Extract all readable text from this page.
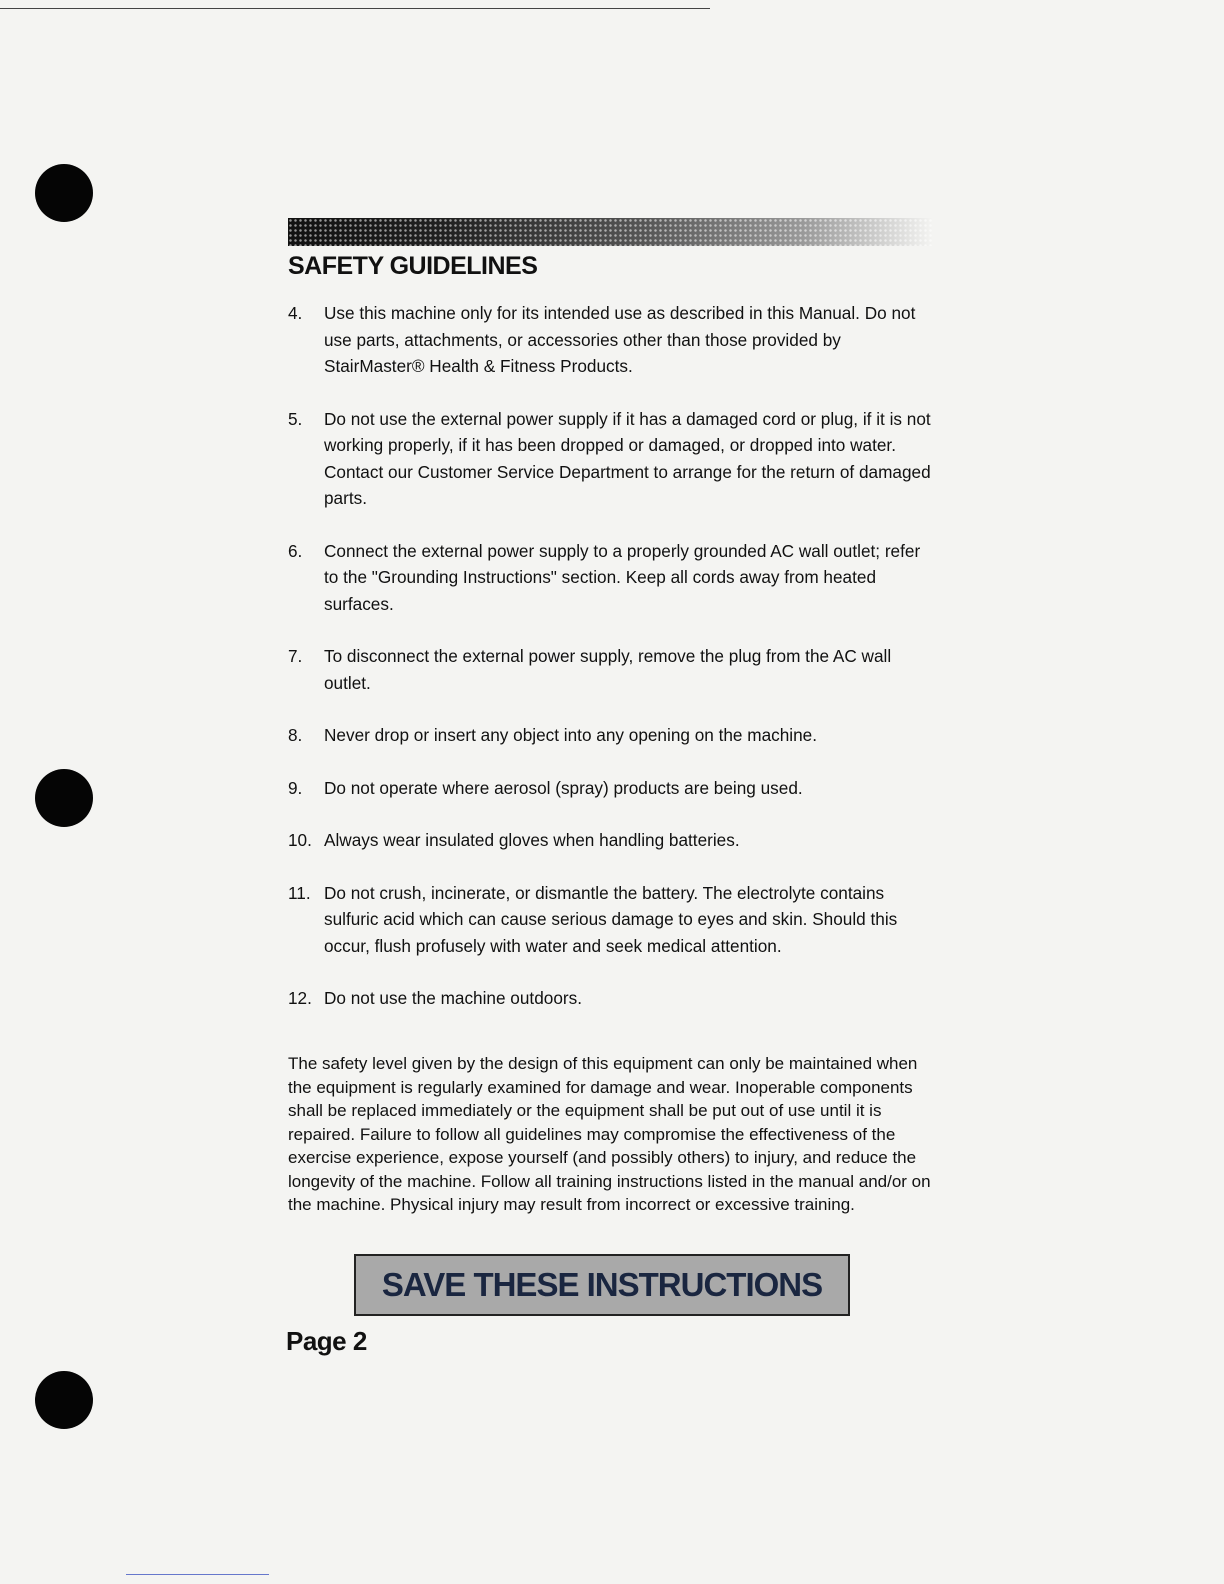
SAFETY GUIDELINES

4. Use this machine only for its intended use as described in this Manual. Do not use parts, attachments, or accessories other than those provided by StairMaster® Health & Fitness Products.

5. Do not use the external power supply if it has a damaged cord or plug, if it is not working properly, if it has been dropped or damaged, or dropped into water. Contact our Customer Service Department to arrange for the return of damaged parts.

6. Connect the external power supply to a properly grounded AC wall outlet; refer to the "Grounding Instructions" section. Keep all cords away from heated surfaces.

7. To disconnect the external power supply, remove the plug from the AC wall outlet.

8. Never drop or insert any object into any opening on the machine.

9. Do not operate where aerosol (spray) products are being used.

10. Always wear insulated gloves when handling batteries.

11. Do not crush, incinerate, or dismantle the battery. The electrolyte contains sulfuric acid which can cause serious damage to eyes and skin. Should this occur, flush profusely with water and seek medical attention.

12. Do not use the machine outdoors.

The safety level given by the design of this equipment can only be maintained when the equipment is regularly examined for damage and wear. Inoperable components shall be replaced immediately or the equipment shall be put out of use until it is repaired. Failure to follow all guidelines may compromise the effectiveness of the exercise experience, expose yourself (and possibly others) to injury, and reduce the longevity of the machine. Follow all training instructions listed in the manual and/or on the machine. Physical injury may result from incorrect or excessive training.

SAVE THESE INSTRUCTIONS
Page 2
